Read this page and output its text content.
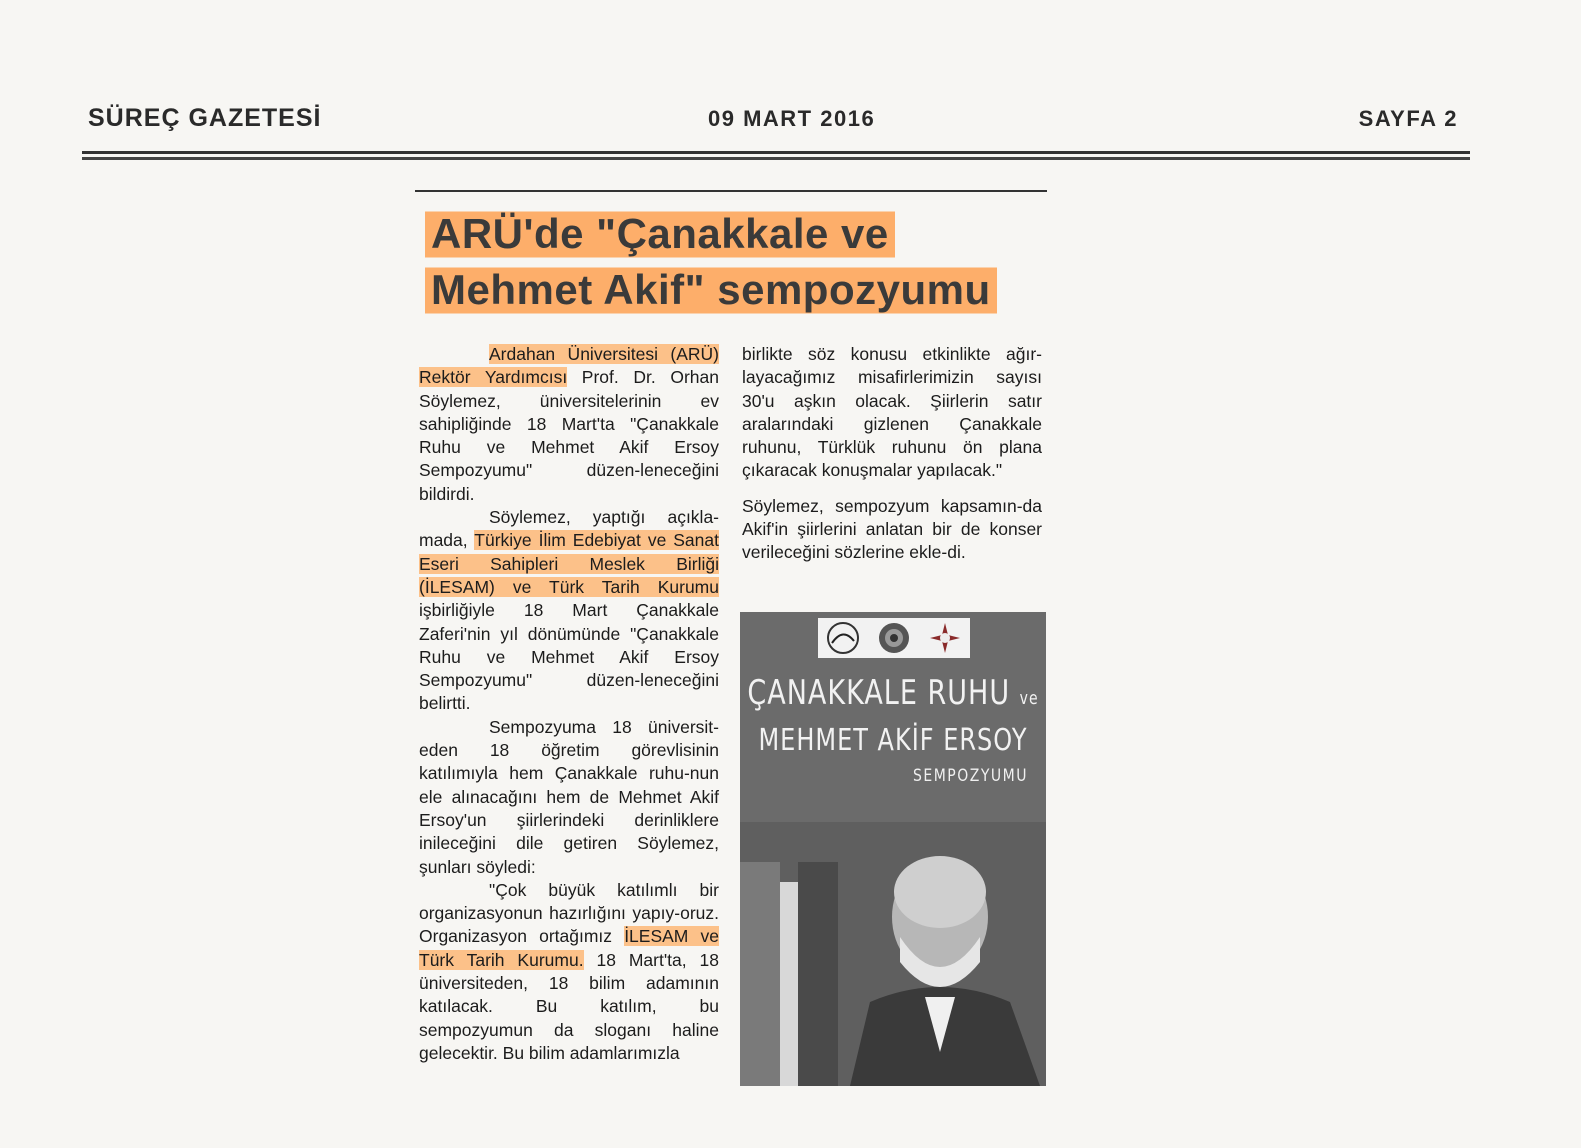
SÜREÇ GAZETESİ	09 MART 2016	SAYFA 2
ARÜ'de "Çanakkale ve
Mehmet Akif" sempozyumu

Ardahan Üniversitesi (ARÜ) Rektör Yardımcısı Prof. Dr. Orhan Söylemez, üniversitelerinin ev sahipliğinde 18 Mart'ta "Çanakkale Ruhu ve Mehmet Akif Ersoy Sempozyumu" düzen-leneceğini bildirdi.

Söylemez, yaptığı açıkla-mada, Türkiye İlim Edebiyat ve Sanat Eseri Sahipleri Meslek Birliği (İLESAM) ve Türk Tarih Kurumu işbirliğiyle 18 Mart Çanakkale Zaferi'nin yıl dönümünde "Çanakkale Ruhu ve Mehmet Akif Ersoy Sempozyumu" düzen-leneceğini belirtti.

Sempozyuma 18 üniversit-eden 18 öğretim görevlisinin katılımıyla hem Çanakkale ruhu-nun ele alınacağını hem de Mehmet Akif Ersoy'un şiirlerindeki derinliklere inileceğini dile getiren Söylemez, şunları söyledi:

"Çok büyük katılımlı bir organizasyonun hazırlığını yapıy-oruz. Organizasyon ortağımız İLESAM ve Türk Tarih Kurumu. 18 Mart'ta, 18 üniversiteden, 18 bilim adamının katılacak. Bu katılım, bu sempozyumun da sloganı haline gelecektir. Bu bilim adamlarımızla

birlikte söz konusu etkinlikte ağır-layacağımız misafirlerimizin sayısı 30'u aşkın olacak. Şiirlerin satır aralarındaki gizlenen Çanakkale ruhunu, Türklük ruhunu ön plana çıkaracak konuşmalar yapılacak."

Söylemez, sempozyum kapsamın-da Akif'in şiirlerini anlatan bir de konser verileceğini sözlerine ekle-di.

ÇANAKKALE RUHU ve
MEHMET AKİF ERSOY
SEMPOZYUMU
